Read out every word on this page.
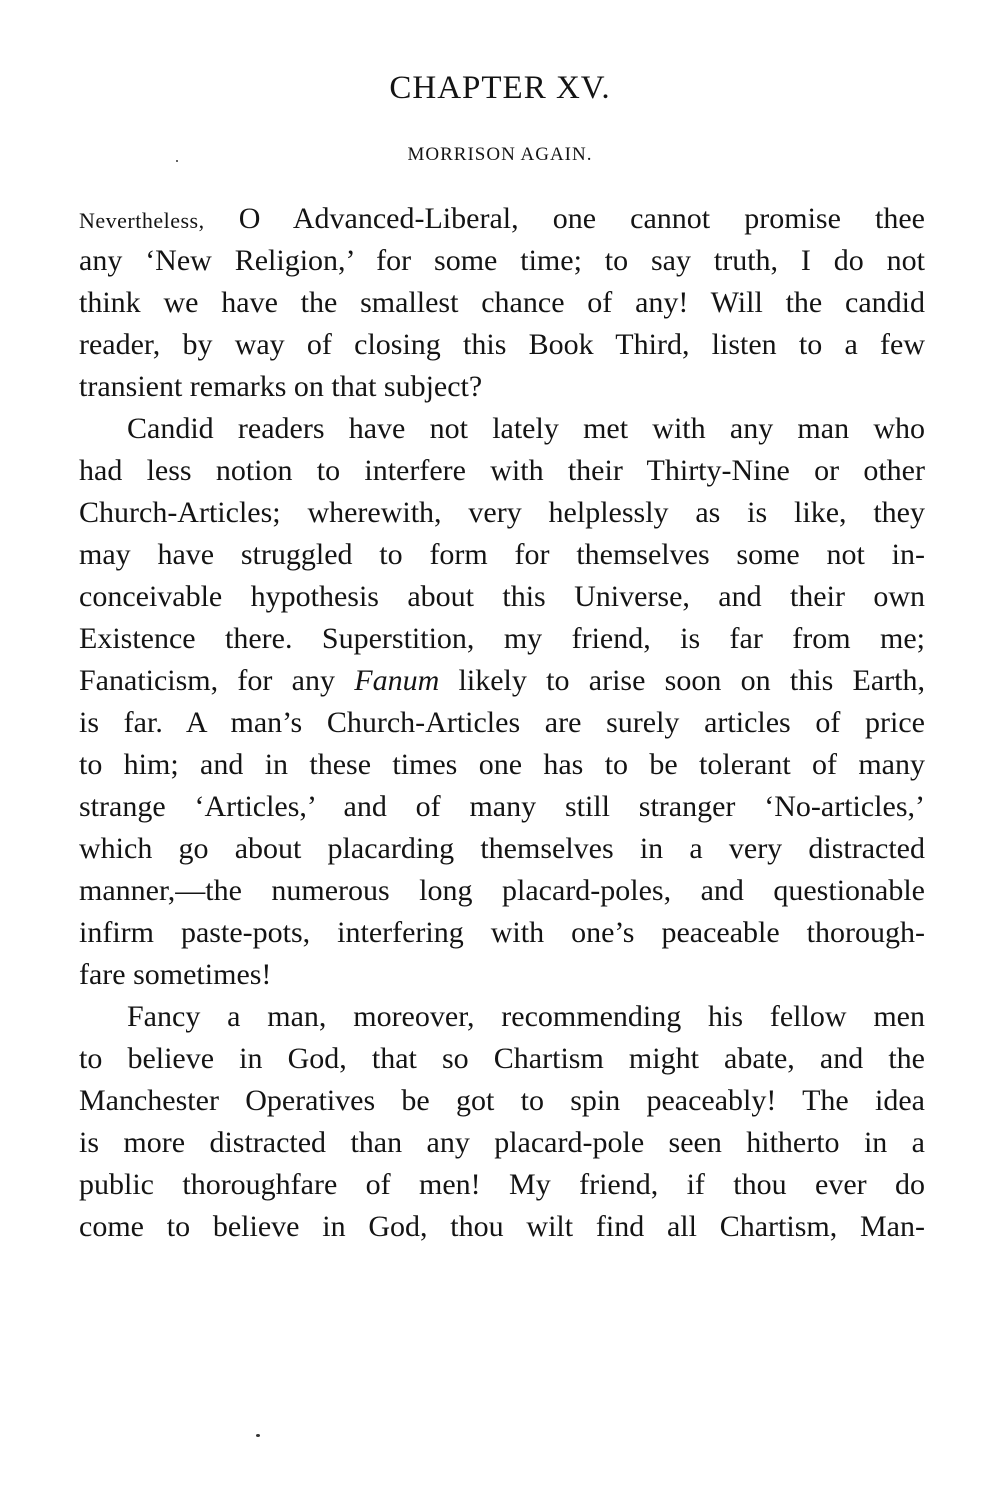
CHAPTER XV.
MORRISON AGAIN.
Nevertheless, O Advanced-Liberal, one cannot promise thee
any ‘New Religion,’ for some time; to say truth, I do not
think we have the smallest chance of any! Will the candid
reader, by way of closing this Book Third, listen to a few
transient remarks on that subject?
Candid readers have not lately met with any man who
had less notion to interfere with their Thirty-Nine or other
Church-Articles; wherewith, very helplessly as is like, they
may have struggled to form for themselves some not in-
conceivable hypothesis about this Universe, and their own
Existence there. Superstition, my friend, is far from me;
Fanaticism, for any Fanum likely to arise soon on this Earth,
is far. A man’s Church-Articles are surely articles of price
to him; and in these times one has to be tolerant of many
strange ‘Articles,’ and of many still stranger ‘No-articles,’
which go about placarding themselves in a very distracted
manner,—the numerous long placard-poles, and questionable
infirm paste-pots, interfering with one’s peaceable thorough-
fare sometimes!
Fancy a man, moreover, recommending his fellow men
to believe in God, that so Chartism might abate, and the
Manchester Operatives be got to spin peaceably! The idea
is more distracted than any placard-pole seen hitherto in a
public thoroughfare of men! My friend, if thou ever do
come to believe in God, thou wilt find all Chartism, Man-
